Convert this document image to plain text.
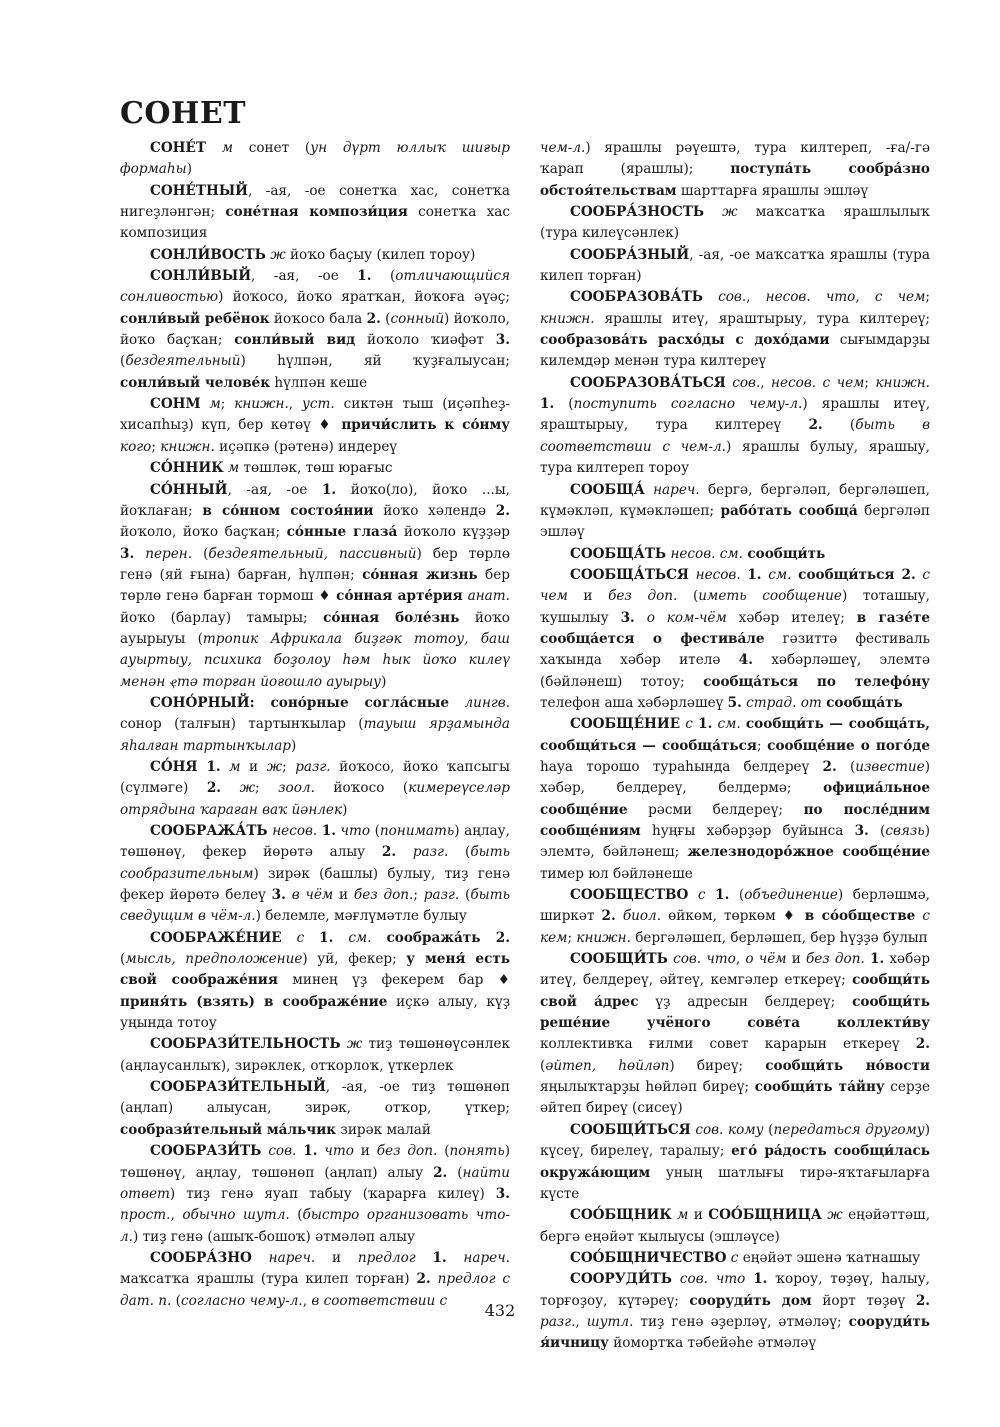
СОНЕТ

СОНЕ́Т м сонет (ун дүрт юллыҡ шиғыр формаһы)

СОНЕ́ТНЫЙ, -ая, -ое сонетҡа хас, сонетҡа нигеҙләнгән; соне́тная компози́ция сонетҡа хас композиция

СОНЛИ́ВОСТЬ ж йоҡо баҫыу (килеп тороу)

СОНЛИ́ВЫЙ, -ая, -ое 1. (отличающийся сонливостью) йоҡосо, йоҡо яратҡан, йоҡоға әүәҫ; сонли́вый ребёнок йоҡосо бала 2. (сонный) йоҡоло, йоҡо баҫҡан; сонли́вый вид йоҡоло ҡиәфәт 3. (бездеятельный) һүлпән, яй ҡуҙғалыусан; сонли́вый челове́к һүлпән кеше

СОНМ м; книжн., уст. сиктән тыш (иҫәпһеҙ-хисапһыҙ) күп, бер көтөү ♦ причи́слить к со́нму кого; книжн. иҫәпкә (рәтенә) индереү

СО́ННИК м төшләк, төш юрағыс

СО́ННЫЙ, -ая, -ое 1. йоҡо(ло), йоҡо ...ы, йоҡлаған; в со́нном состоя́нии йоҡо хәлендә 2. йоҡоло, йоҡо баҫҡан; со́нные глаза́ йоҡоло күҙҙәр 3. перен. (бездеятельный, пассивный) бер төрлө генә (яй ғына) барған, һүлпән; со́нная жизнь бер төрлө генә барған тормош ♦ со́нная арте́рия анат. йоҡо (барлау) тамыры; со́нная боле́знь йоҡо ауырыуы (тропик Африкала биҙгәк тотоу, баш ауыртыу, психика боҙолоу һәм һык йоҡо килеү менән ҿтә торған йоғошло ауырыу)

СОНО́РНЫЙ: соно́рные согла́сные лингв. сонор (талғын) тартынҡылар (тауыш ярҙамында яһалған тартынҡылар)

СО́НЯ 1. м и ж; разг. йоҡосо, йоҡо ҡапсыгы (сүлмәге) 2. ж; зоол. йоҡосо (кимереүселәр отрядына ҡараған ваҡ йәнлек)

СООБРАЖА́ТЬ несов. 1. что (понимать) аңлау, төшөнөү, фекер йөрөтә алыу 2. разг. (быть сообразительным) зирәк (башлы) булыу, тиҙ генә фекер йөрөтә белеү 3. в чём и без доп.; разг. (быть сведущим в чём-л.) белемле, мәғлүмәтле булыу

СООБРАЖЕ́НИЕ с 1. см. сообража́ть 2. (мысль, предположение) уй, фекер; у меня́ есть свой соображе́ния минең үҙ фекерем бар ♦ приня́ть (взять) в соображе́ние иҫкә алыу, күҙ уңында тотоу

СООБРАЗИ́ТЕЛЬНОСТЬ ж тиҙ төшөнөүсәнлек (аңлаусанлыҡ), зирәклек, отҡорлоҡ, үткерлек

СООБРАЗИ́ТЕЛЬНЫЙ, -ая, -ое тиҙ төшөнөп (аңлап) алыусан, зирәк, отҡор, үткер; сообрази́тельный ма́льчик зирәк малай

СООБРАЗИ́ТЬ сов. 1. что и без доп. (понять) төшөнөү, аңлау, төшөнөп (аңлап) алыу 2. (найти ответ) тиҙ генә яуап табыу (ҡарарға килеү) 3. прост., обычно шутл. (быстро организовать что-л.) тиҙ генә (ашыҡ-бошоҡ) әтмәләп алыу

СООБРА́ЗНО нареч. и предлог 1. нареч. маҡсатҡа ярашлы (тура килеп торған) 2. предлог с дат. п. (согласно чему-л., в соответствии с

чем-л.) ярашлы рәүештә, тура килтереп, -ға/-гә ҡарап (ярашлы); поступа́ть сообра́зно обстоя́тельствам шарттарға ярашлы эшләү

СООБРА́ЗНОСТЬ ж маҡсатҡа ярашлылыҡ (тура килеүсәнлек)

СООБРА́ЗНЫЙ, -ая, -ое маҡсатҡа ярашлы (тура килеп торған)

СООБРАЗОВА́ТЬ сов., несов. что, с чем; книжн. ярашлы итеү, яраштырыу, тура килтереү; сообразова́ть расхо́ды с дохо́дами сығымдарҙы килемдәр менән тура килтереү

СООБРАЗОВА́ТЬСЯ сов., несов. с чем; книжн. 1. (поступить согласно чему-л.) ярашлы итеү, яраштырыу, тура килтереү 2. (быть в соответствии с чем-л.) ярашлы булыу, ярашыу, тура килтереп тороу

СООБЩА́ нареч. бергә, бергәләп, бергәләшеп, күмәкләп, күмәкләшеп; рабо́тать сообща́ бергәләп эшләү

СООБЩА́ТЬ несов. см. сообщи́ть

СООБЩА́ТЬСЯ несов. 1. см. сообщи́ться 2. с чем и без доп. (иметь сообщение) тоташыу, ҡушылыу 3. о ком-чём хәбәр ителеү; в газе́те сообща́ется о фестива́ле гәзиттә фестиваль хаҡында хәбәр ителә 4. хәбәрләшеү, элемтә (бәйләнеш) тотоу; сообща́ться по телефо́ну телефон аша хәбәрләшеү 5. страд. от сообща́ть

СООБЩЕ́НИЕ с 1. см. сообщи́ть — сообща́ть, сообщи́ться — сообща́ться; сообще́ние о пого́де һауа торошо тураһында белдереү 2. (известие) хәбәр, белдереү, белдермә; официа́льное сообще́ние рәсми белдереү; по после́дним сообще́ниям һуңғы хәбәрҙәр буйынса 3. (связь) элемтә, бәйләнеш; железнодоро́жное сообще́ние тимер юл бәйләнеше

СООБЩЕСТВО с 1. (объединение) берләшмә, ширкәт 2. биол. өйкөм, төркөм ♦ в со́обществе с кем; книжн. бергәләшеп, берләшеп, бер һүҙҙә булып

СООБЩИ́ТЬ сов. что, о чём и без доп. 1. хәбәр итеү, белдереү, әйтеү, кемгәлер еткереү; сообщи́ть свой а́дрес үҙ адресын белдереү; сообщи́ть реше́ние учёного сове́та коллекти́ву коллективҡа ғилми совет карарын еткереү 2. (әйтеп, һөйләп) биреү; сообщи́ть но́вости яңылыҡтарҙы һөйләп биреү; сообщи́ть та́йну серҙе әйтеп биреү (сисеү)

СООБЩИ́ТЬСЯ сов. кому (передаться другому) күсеү, бирелеү, таралыу; его́ ра́дость сообщи́лась окружа́ющим уның шатлығы тирә-яҡтағыларға күсте

СОО́БЩНИК м и СОО́БЩНИЦА ж еңәйәттәш, бергә еңәйәт ҡылыусы (эшләүсе)

СОО́БЩНИЧЕСТВО с еңәйәт эшенә ҡатнашыу

СООРУДИ́ТЬ сов. что 1. ҡороу, төҙөү, һалыу, торғоҙоу, күтәреү; сооруди́ть дом йорт төҙөү 2. разг., шутл. тиҙ генә әҙерләү, әтмәләү; сооруди́ть я́ичницу йомортҡа тәбейәһе әтмәләү

432
